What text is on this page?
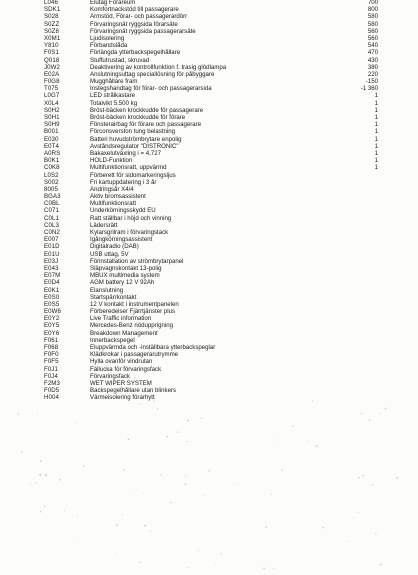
L046	Elutag Föraréum	700
SDK1	Komfortnackstöd till passagerare	800
S028	Armstöd, Förar- och passagerardörr	580
S0ZZ	Förvaringsnät ryggsida förarsäte	580
S0Z8	Förvaringsnät ryggsida passagerarsäte	560
X0M1	Ljudisolering	560
Y810	Förbandslåda	540
F0S1	Förlängda ytterbackspegelhållare	470
Q018	Stuffutrustad, skruvad	430
J0W2	Deaktivering av kontrollfunktion f. trasig glödlampa	380
E02A	Anslutningsuttag speciallösning för påbyggare	220
F0G8	Mugghållare fram	-150
T075	Instegshandtag för förar- och passagerarsida	-1 360
L0G7	LED strålkastare	1
X0L4	Totalvikt 5.500 kg	1
S0H2	Bröst-bäcken krockkudde för passagerare	1
S0H1	Bröst-bäcken krockkudde för förare	1
S0H9	Fönsterairbag för förare och passagerare	1
B001	Förconsverston tung belastning	1
E030	Batteri huvudströmbrytare enpolig	1
E0T4	Avståndsregulator "DISTRONIC"	1
A0RS	Bakaxelutväxling i = 4,727	1
B0K1	HOLD-Funktion	1
C0K8	Multifunktionsratt, uppvärmd	1
L0S2	Förberett för sidomarkeringsljus
S002	Fri kartuppdatering i 3 år
8005	Ändringsår X4/4
BGA3	Aktiv bromsassistent
C0BL	Multifunktionsratt
C071	Underkörningsskydd EU
C0L1	Ratt ställbar i höjd och vinning
C0L3	Lädersrätt
C0N2	Kylarsgrilram i förvaringstack
E007	Igångkörningsassistent
E01D	Digitalradio (DAB)
E01U	USB uttag, 5V
E03J	Förinstallation av strömbrytarpanel
E043	Släpvagnskontakt 13-polig
E07M	MBUX multimedia system
E0D4	AGM battery 12 V 92Ah
E0K1	Elanslutning
E0S0	Startspärrkontakt
E0S5	12 V kontakt i instrumentpanelen
E0W6	Förberedelser Fjärrtjänster plus
E0Y2	Live Traffic information
E0Y5	Mercedes-Benz nödupprigning
E0Y6	Breakdown Management
F061	Innerbackspegel
F068	Eluppvärmda och -inställbara ytterbackspeglar
F0F0	Klädkrokar i passagerarutrymme
F0F5	Hylla ovanför vindrutan
F0J1	Fällucka för förvaringsfack
F0J4	Förvaringsfack
F2M3	WET WIPER SYSTEM
F0D5	Backspegelhållare utan blinkers
H004	Värmeisolering förarhytt
